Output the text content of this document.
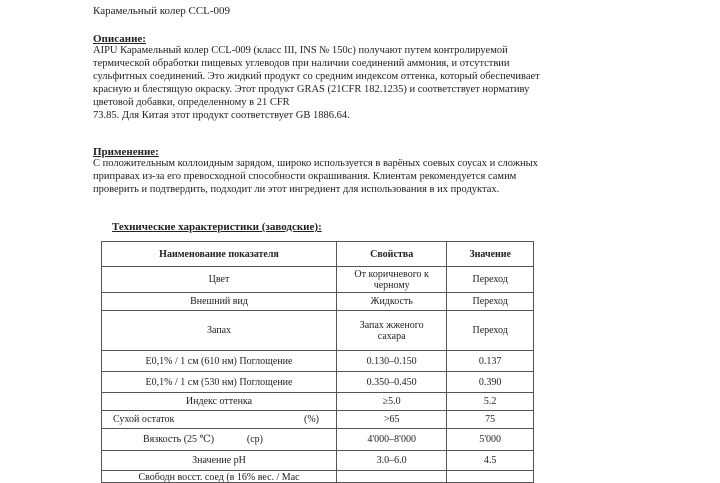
Карамельный колер CCL-009
Описание:
AIPU Карамельный колер CCL-009 (класс III, INS № 150c) получают путем контролируемой
термической обработки пищевых углеводов при наличии соединений аммония, и отсутствии
сульфитных соединений. Это жидкий продукт со средним индексом оттенка, который обеспечивает
красную и блестящую окраску. Этот продукт GRAS (21CFR 182.1235) и соответствует нормативу
цветовой добавки, определенному в 21 CFR
73.85. Для Китая этот продукт соответствует GB 1886.64.
Применение:
С положительным коллоидным зарядом, широко используется в варёных соевых соусах и сложных
приправах из-за его превосходной способности окрашивания. Клиентам рекомендуется самим
проверить и подтвердить, подходит ли этот ингредиент для использования в их продуктах.
Технические характеристики (заводские):
Наименование показателя	Свойства	Значение
Цвет	От коричневого к черному	Переход
Внешний вид	Жидкость	Переход
Запах	Запах жженого сахара	Переход
E0,1% / 1 см (610 нм) Поглощение	0.130–0.150	0.137
E0,1% / 1 см (530 нм) Поглощение	0.350–0.450	0.390
Индекс оттенка	≥5.0	5.2

Сухой остаток (%)	>65	75

Вязкость (25 ℃) (cp)	4'000–8'000	5'000
Значение pH	3.0–6.0	4.5

Свободн восст. соед (в 16% вес. / Мас		
